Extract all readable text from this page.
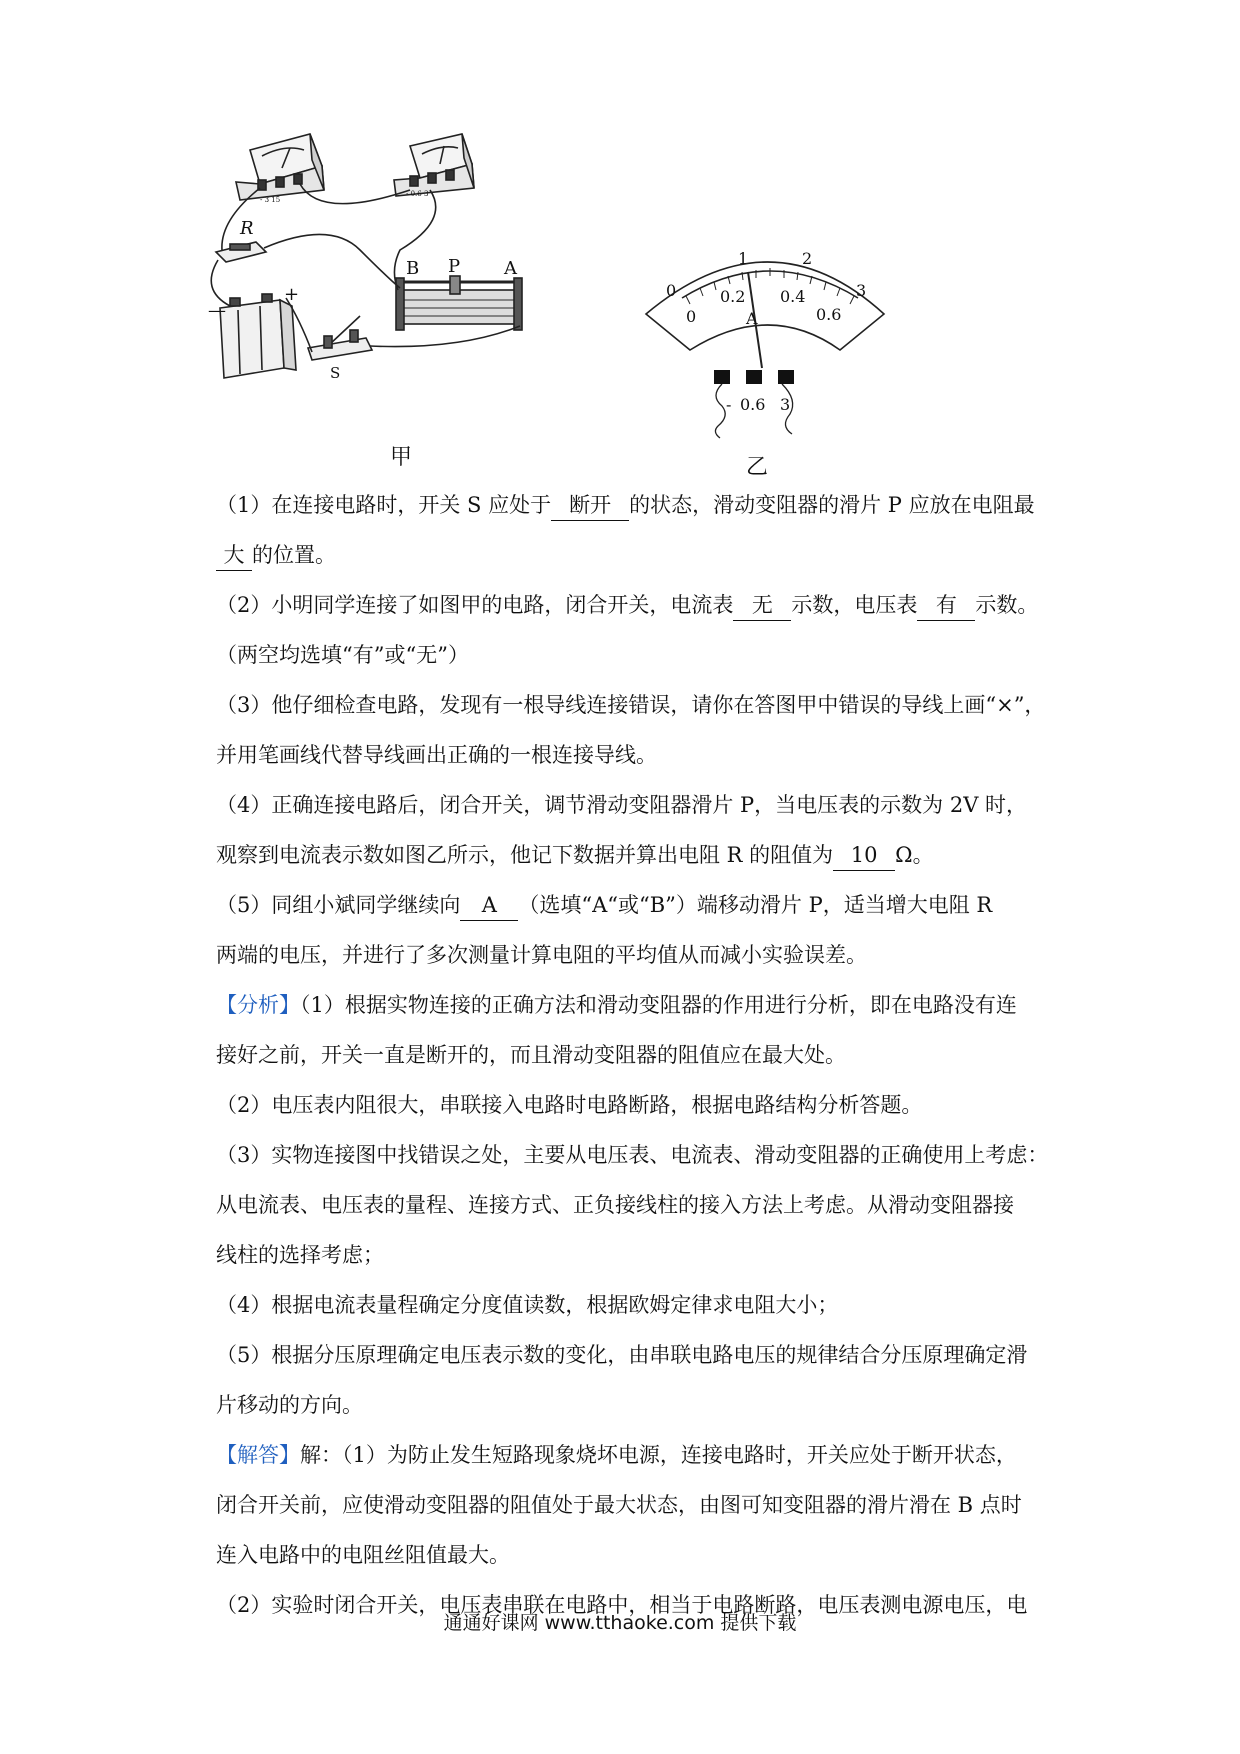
R
B P A
S
+
—
- 3 15
- 0.6 3
0
1	2
3
0
0.2 0.4
0.6
A
- 0.6 3
甲	乙

（1）在连接电路时，开关 S 应处于 断开 的状态，滑动变阻器的滑片 P 应放在电阻最

大 的位置。

（2）小明同学连接了如图甲的电路，闭合开关，电流表 无 示数，电压表 有 示数。

（两空均选填“有”或“无”）

（3）他仔细检查电路，发现有一根导线连接错误，请你在答图甲中错误的导线上画“×”，

并用笔画线代替导线画出正确的一根连接导线。

（4）正确连接电路后，闭合开关，调节滑动变阻器滑片 P，当电压表的示数为 2V 时，

观察到电流表示数如图乙所示，他记下数据并算出电阻 R 的阻值为 10 Ω。

（5）同组小斌同学继续向 A （选填“A“或“B”）端移动滑片 P，适当增大电阻 R

两端的电压，并进行了多次测量计算电阻的平均值从而减小实验误差。

【分析】（1）根据实物连接的正确方法和滑动变阻器的作用进行分析，即在电路没有连

接好之前，开关一直是断开的，而且滑动变阻器的阻值应在最大处。

（2）电压表内阻很大，串联接入电路时电路断路，根据电路结构分析答题。

（3）实物连接图中找错误之处，主要从电压表、电流表、滑动变阻器的正确使用上考虑：

从电流表、电压表的量程、连接方式、正负接线柱的接入方法上考虑。从滑动变阻器接

线柱的选择考虑；

（4）根据电流表量程确定分度值读数，根据欧姆定律求电阻大小；

（5）根据分压原理确定电压表示数的变化，由串联电路电压的规律结合分压原理确定滑

片移动的方向。

【解答】解：（1）为防止发生短路现象烧坏电源，连接电路时，开关应处于断开状态，

闭合开关前，应使滑动变阻器的阻值处于最大状态，由图可知变阻器的滑片滑在 B 点时

连入电路中的电阻丝阻值最大。

（2）实验时闭合开关，电压表串联在电路中，相当于电路断路，电压表测电源电压，电

通通好课网 www.tthaoke.com 提供下载
